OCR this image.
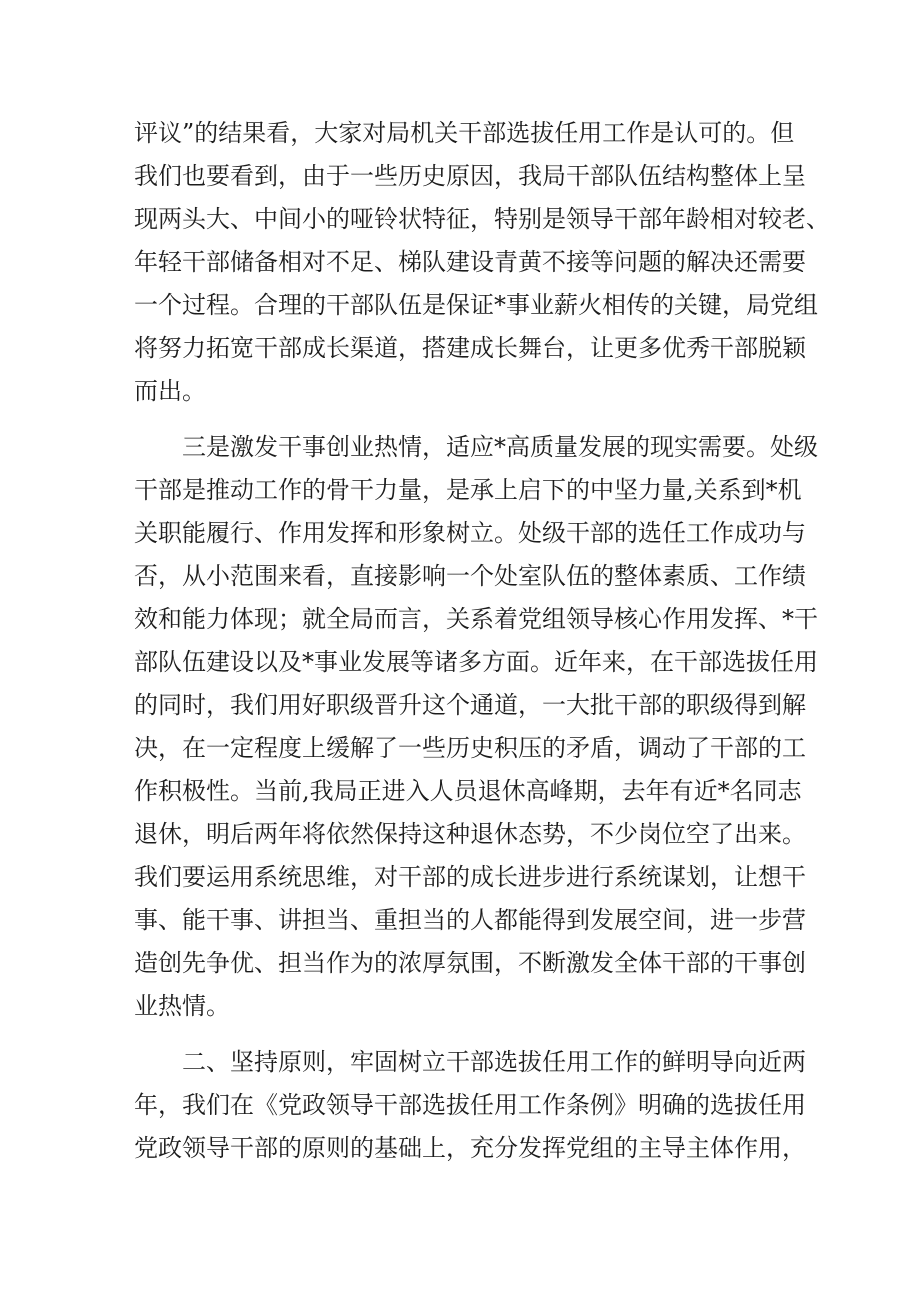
评议”的结果看，大家对局机关干部选拔任用工作是认可的。但
我们也要看到，由于一些历史原因，我局干部队伍结构整体上呈
现两头大、中间小的哑铃状特征，特别是领导干部年龄相对较老、
年轻干部储备相对不足、梯队建设青黄不接等问题的解决还需要
一个过程。合理的干部队伍是保证*事业薪火相传的关键，局党组
将努力拓宽干部成长渠道，搭建成长舞台，让更多优秀干部脱颖
而出。
三是激发干事创业热情，适应*高质量发展的现实需要。处级
干部是推动工作的骨干力量，是承上启下的中坚力量,关系到*机
关职能履行、作用发挥和形象树立。处级干部的选任工作成功与
否，从小范围来看，直接影响一个处室队伍的整体素质、工作绩
效和能力体现；就全局而言，关系着党组领导核心作用发挥、*干
部队伍建设以及*事业发展等诸多方面。近年来，在干部选拔任用
的同时，我们用好职级晋升这个通道，一大批干部的职级得到解
决，在一定程度上缓解了一些历史积压的矛盾，调动了干部的工
作积极性。当前,我局正进入人员退休高峰期，去年有近*名同志
退休，明后两年将依然保持这种退休态势，不少岗位空了出来。
我们要运用系统思维，对干部的成长进步进行系统谋划，让想干
事、能干事、讲担当、重担当的人都能得到发展空间，进一步营
造创先争优、担当作为的浓厚氛围，不断激发全体干部的干事创
业热情。
二、坚持原则，牢固树立干部选拔任用工作的鲜明导向近两
年，我们在《党政领导干部选拔任用工作条例》明确的选拔任用
党政领导干部的原则的基础上，充分发挥党组的主导主体作用，
